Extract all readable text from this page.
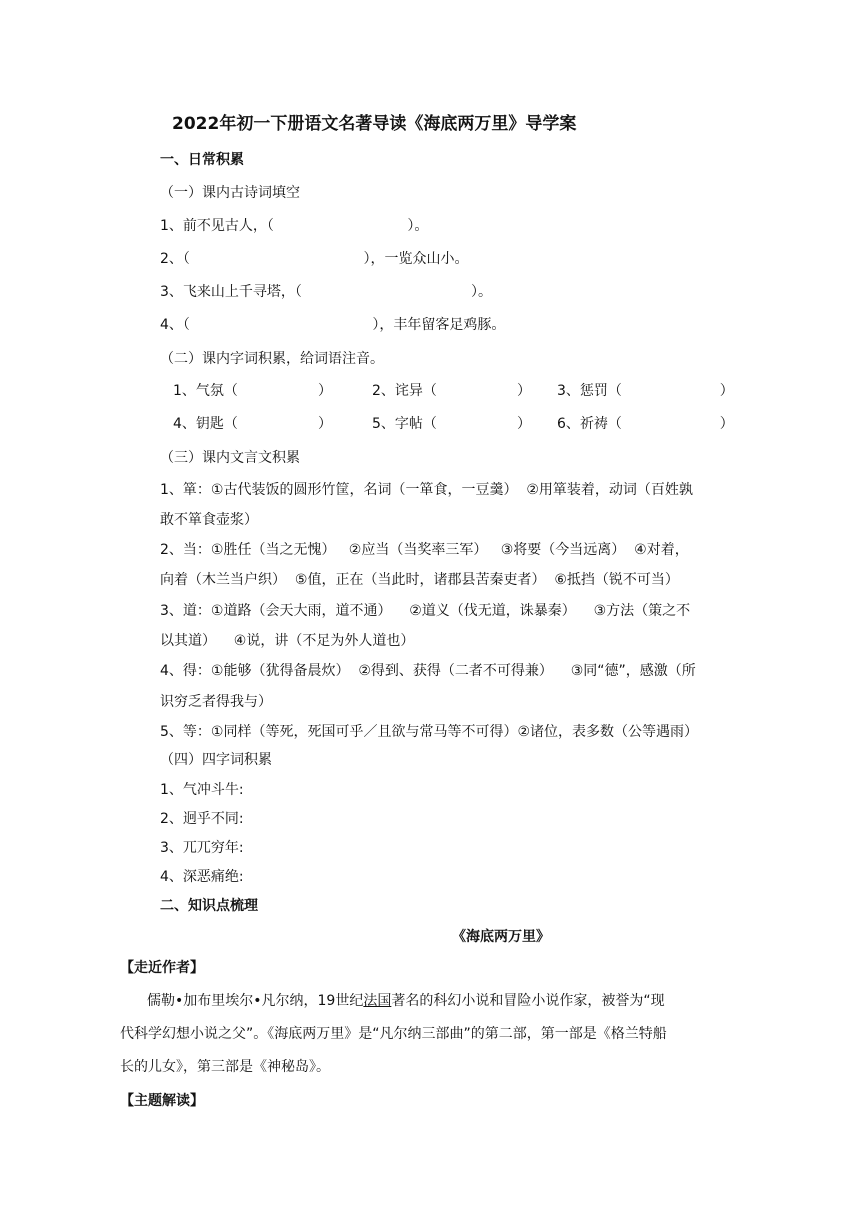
2022年初一下册语文名著导读《海底两万里》导学案
一、日常积累
（一）课内古诗词填空
1、前不见古人，（                              ）。
2、（                                       ），一览众山小。
3、飞来山上千寻塔，（                                      ）。
4、（                                         ），丰年留客足鸡豚。
（二）课内字词积累，给词语注音。
1、气氛（                  ）	2、诧异（                  ） 3、惩罚（                      ）
4、钥匙（                  ）	5、字帖（                  ） 6、祈祷（                      ）
（三）课内文言文积累
1、箪：①古代装饭的圆形竹筐，名词（一箪食，一豆羹）  ②用箪装着，动词（百姓孰
敢不箪食壶浆）
2、当：①胜任（当之无愧）   ②应当（当奖率三军）   ③将要（今当远离）  ④对着，
向着（木兰当户织）  ⑤值，正在（当此时，诸郡县苦秦吏者）  ⑥抵挡（锐不可当）
3、道：①道路（会天大雨，道不通）    ②道义（伐无道，诛暴秦）    ③方法（策之不
以其道）    ④说，讲（不足为外人道也）
4、得：①能够（犹得备晨炊）  ②得到、获得（二者不可得兼）    ③同“德”，感激（所
识穷乏者得我与）
5、等：①同样（等死，死国可乎／且欲与常马等不可得）②诸位，表多数（公等遇雨）
（四）四字词积累
1、气冲斗牛:
2、迥乎不同:
3、兀兀穷年:
4、深恶痛绝:
二、知识点梳理
《海底两万里》
【走近作者】
儒勒•加布里埃尔•凡尔纳，19世纪法国著名的科幻小说和冒险小说作家，被誉为“现
代科学幻想小说之父”。《海底两万里》是“凡尔纳三部曲”的第二部，第一部是《格兰特船
长的儿女》，第三部是《神秘岛》。
【主题解读】
